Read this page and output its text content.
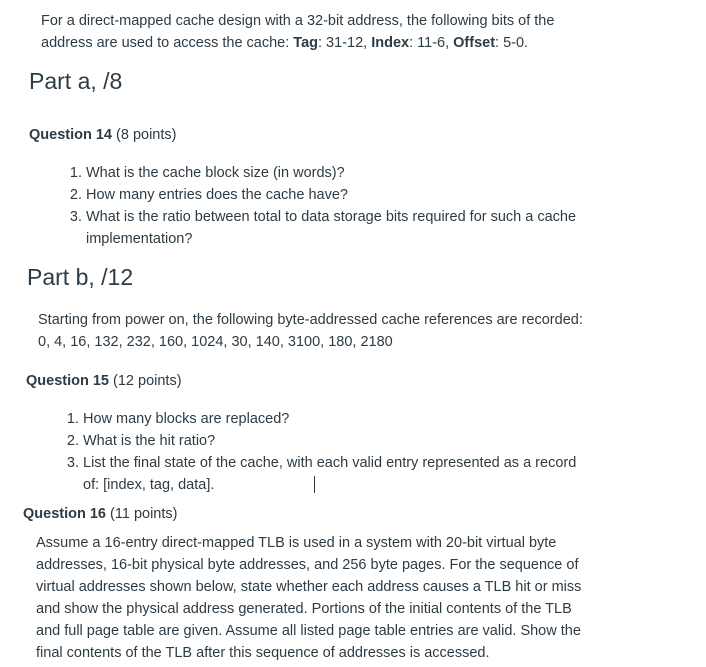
For a direct-mapped cache design with a 32-bit address, the following bits of the

address are used to access the cache: Tag: 31-12, Index: 11-6, Offset: 5-0.

Part a, /8

Question 14 (8 points)

1. What is the cache block size (in words)?
2. How many entries does the cache have?
3. What is the ratio between total to data storage bits required for such a cache
implementation?
Part b, /12

Starting from power on, the following byte-addressed cache references are recorded:

0, 4, 16, 132, 232, 160, 1024, 30, 140, 3100, 180, 2180

Question 15 (12 points)

1. How many blocks are replaced?
2. What is the hit ratio?
3. List the final state of the cache, with each valid entry represented as a record
of: [index, tag, data].

Question 16 (11 points)

Assume a 16-entry direct-mapped TLB is used in a system with 20-bit virtual byte

addresses, 16-bit physical byte addresses, and 256 byte pages. For the sequence of

virtual addresses shown below, state whether each address causes a TLB hit or miss

and show the physical address generated. Portions of the initial contents of the TLB

and full page table are given. Assume all listed page table entries are valid. Show the

final contents of the TLB after this sequence of addresses is accessed.
